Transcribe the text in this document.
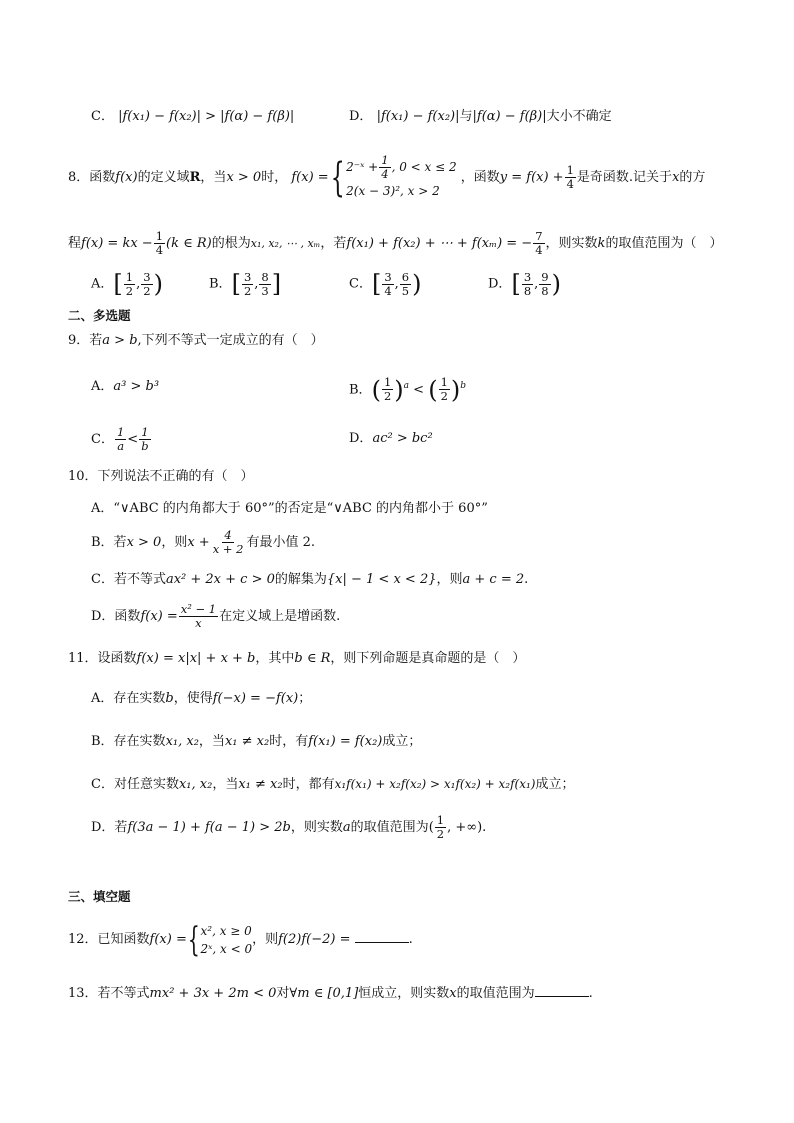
C． |f(x₁) − f(x₂)| > |f(α) − f(β)|	D． |f(x₁) − f(x₂)|与|f(α) − f(β)|大小不确定
8．函数f(x)的定义域R，当x > 0时， f(x) ={ 2⁻ˣ + $\frac{1}{4}$ , 0 < x ≤ 2
2(x − 3)², x > 2
，函数$y = f(x) + \frac{1}{4}$ 是奇函数.记关于x的方
程f(x) = kx − $\frac{1}{4} (k$ ∈ R)的根为x₁, x₂, ⋯ , xₘ，若f(x₁) + f(x₂) + ⋯ + f(xₘ) = − $\frac{7}{4}$ ，则实数k的取值范围为（　）
A．[ $\frac{1}{2}$ , $\frac{3}{2}$ )	B．[ $\frac{3}{2}$ , $\frac{8}{3}$ ]	C．[ $\frac{3}{4}$ , $\frac{6}{5}$ )	D．[ $\frac{3}{8}$ , $\frac{9}{8}$ )
二、多选题
9．若a > b,下列不等式一定成立的有（　）
A．a³ > b³	B．( $\frac{1}{2} )^a$ < ( $\frac{1}{2} )^b$
C． $\frac{1}{a} < \frac{1}{b}$	D．ac² > bc²
10．下列说法不正确的有（　）
A．“∨ABC 的内角都大于 60°”的否定是“∨ABC 的内角都小于 60°”
B．若x > 0，则$x + \frac{4}{x + 2}$ 有最小值 2.
C．若不等式ax² + 2x + c > 0的解集为{x| − 1 < x < 2}，则a + c = 2.
D．函数$f(x) = \frac{\text{x² − 1}}{x}$ 在定义域上是增函数.
11．设函数f(x) = x|x| + x + b，其中b ∈ R，则下列命题是真命题的是（　）
A．存在实数b，使得f(−x) = −f(x)；
B．存在实数x₁, x₂，当x₁ ≠ x₂时，有f(x₁) = f(x₂)成立；
C．对任意实数x₁, x₂，当x₁ ≠ x₂时，都有x₁f(x₁) + x₂f(x₂) > x₁f(x₂) + x₂f(x₁)成立；
D．若f(3a − 1) + f(a − 1) > 2b，则实数a的取值范围为( $\frac{1}{2}$ , +∞).
三、填空题
12．已知函数f(x) ={ x², x ≥ 0
2ˣ, x < 0
，则f(2)f(−2) =	.
13．若不等式mx² + 3x + 2m < 0对∀m ∈ [0,1]恒成立，则实数x的取值范围为	.
